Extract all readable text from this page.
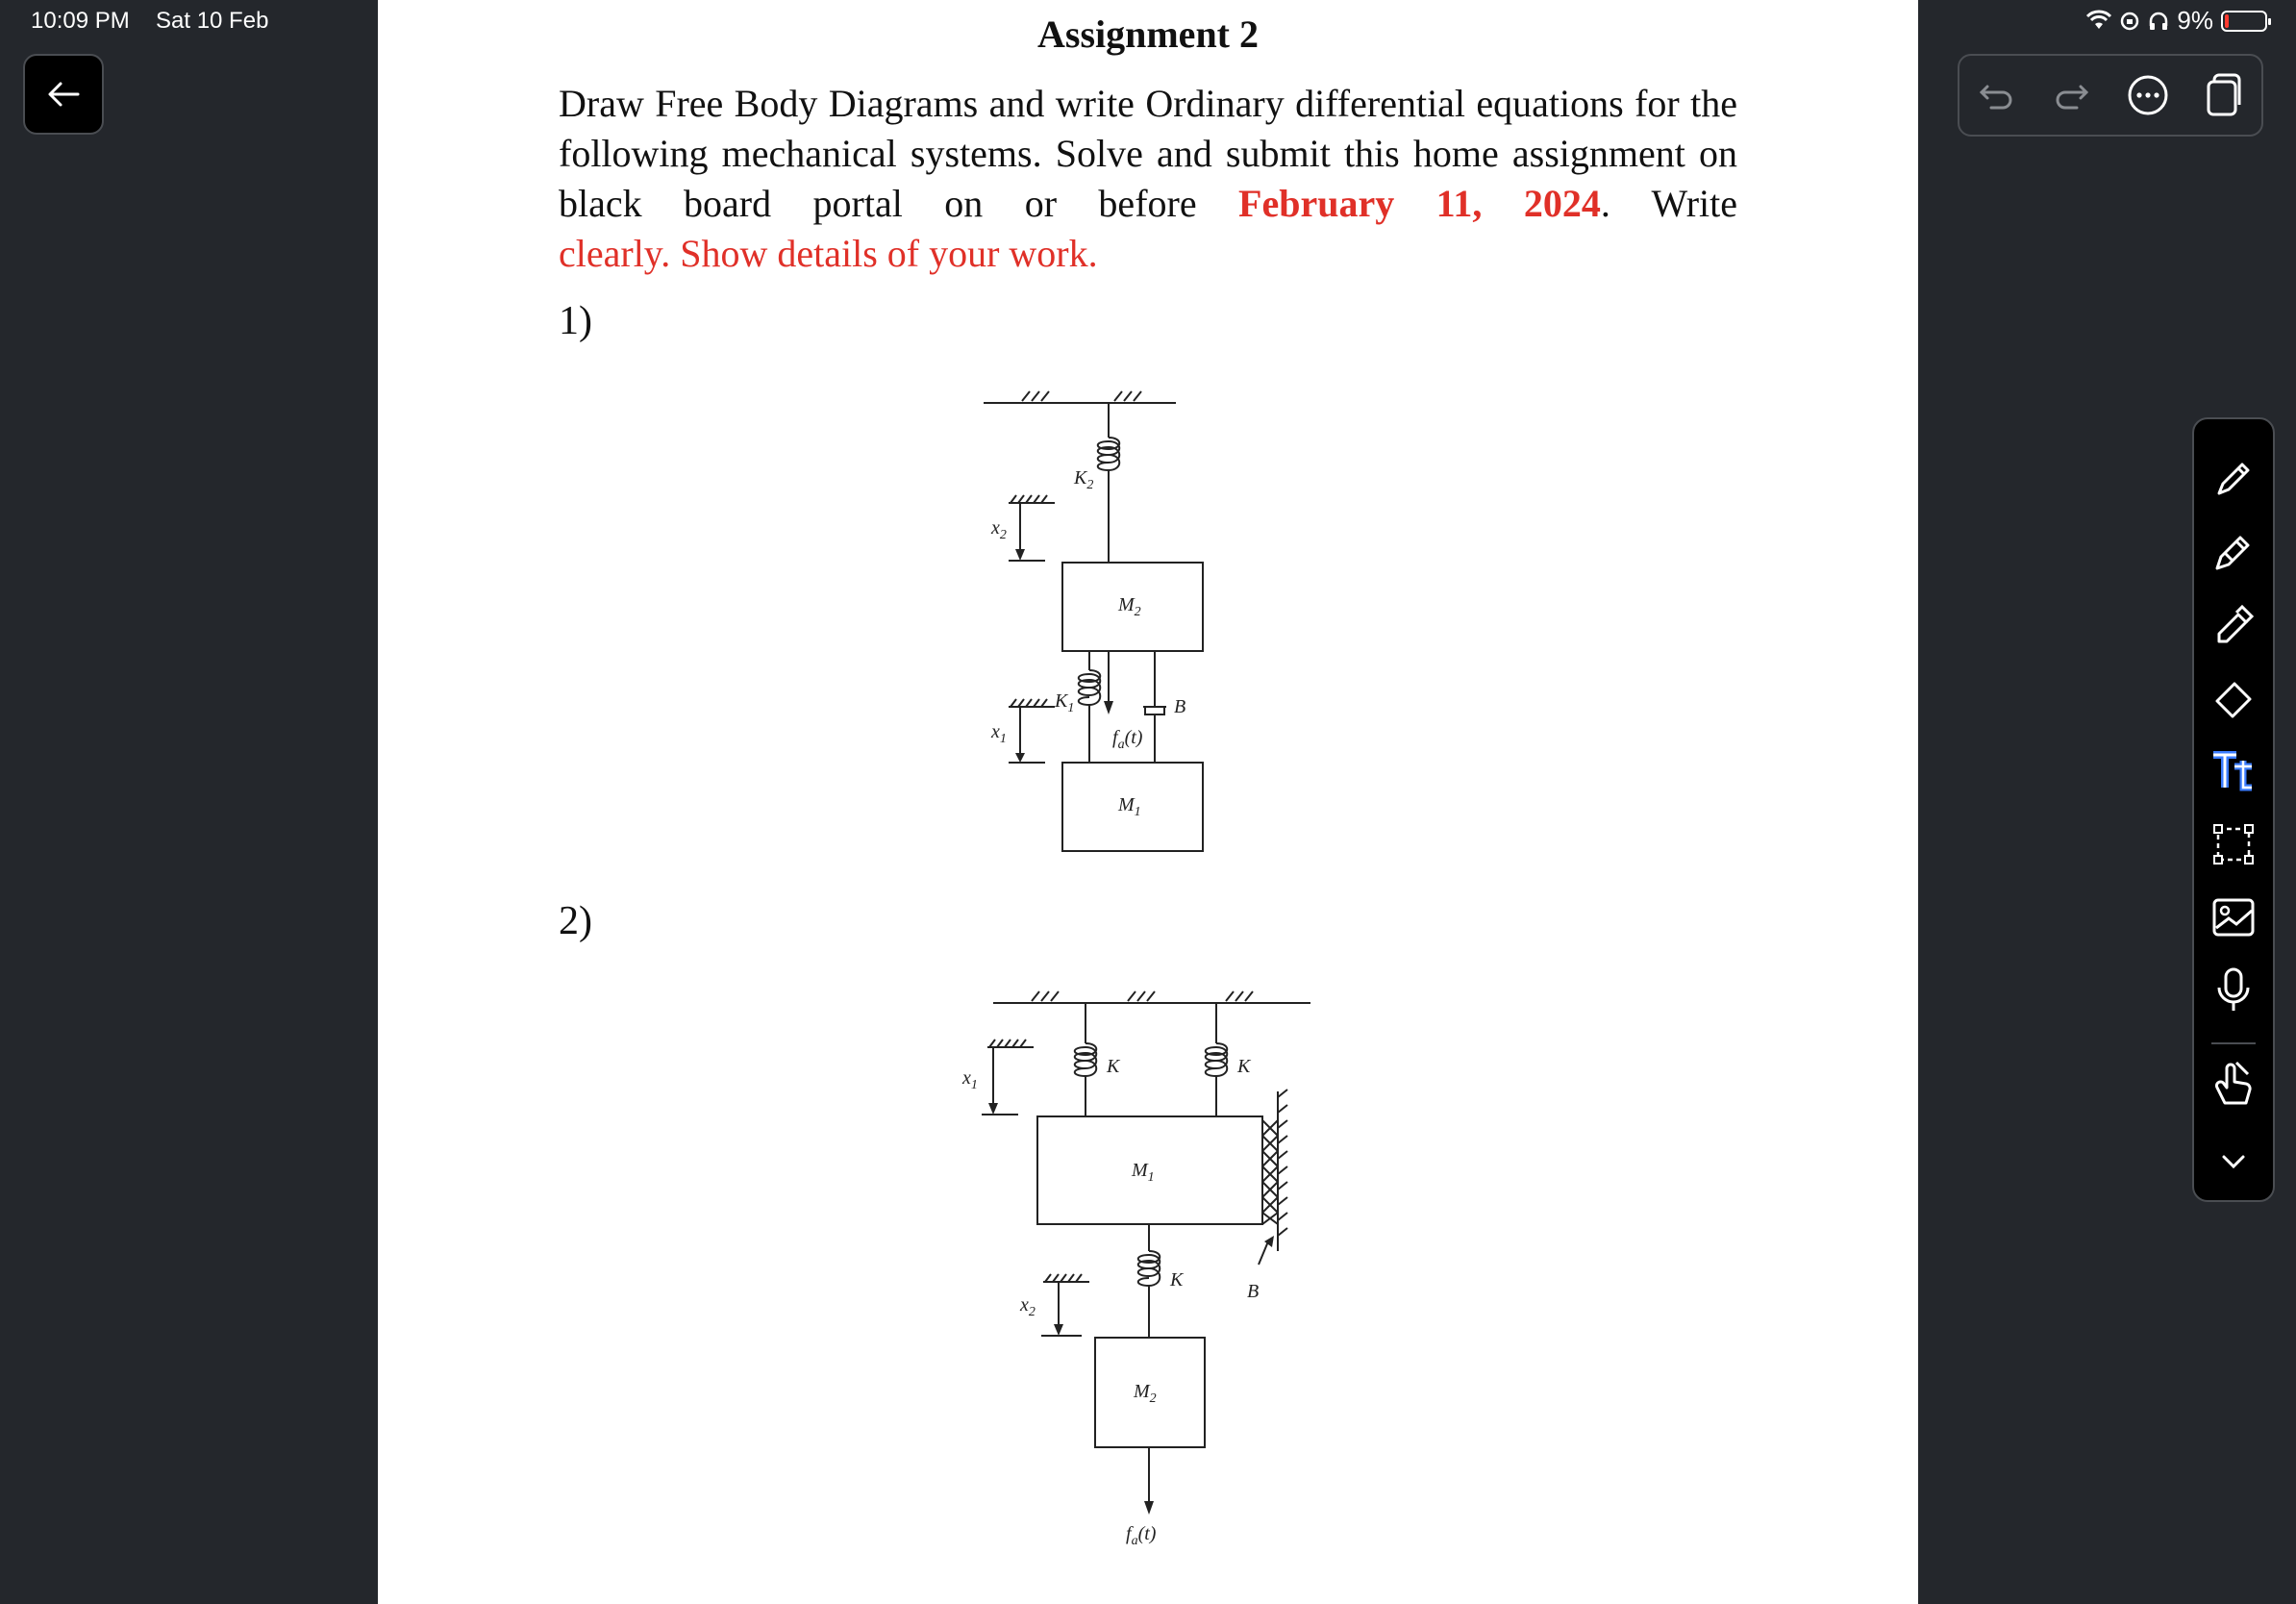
10:09 PM Sat 10 Feb	9%
Assignment 2
Draw Free Body Diagrams and write Ordinary differential equations for the following mechanical systems. Solve and submit this home assignment on black board portal on or before February 11, 2024. Write
clearly. Show details of your work.
1)
2)
$K_2$
$M_2$
$K_1$	B
$f_a(t)$
$M_1$
$x_2$
$x_1$
K	K
$M_1$
K
B
$M_2$
$f_a(t)$
$x_1$
$x_2$
